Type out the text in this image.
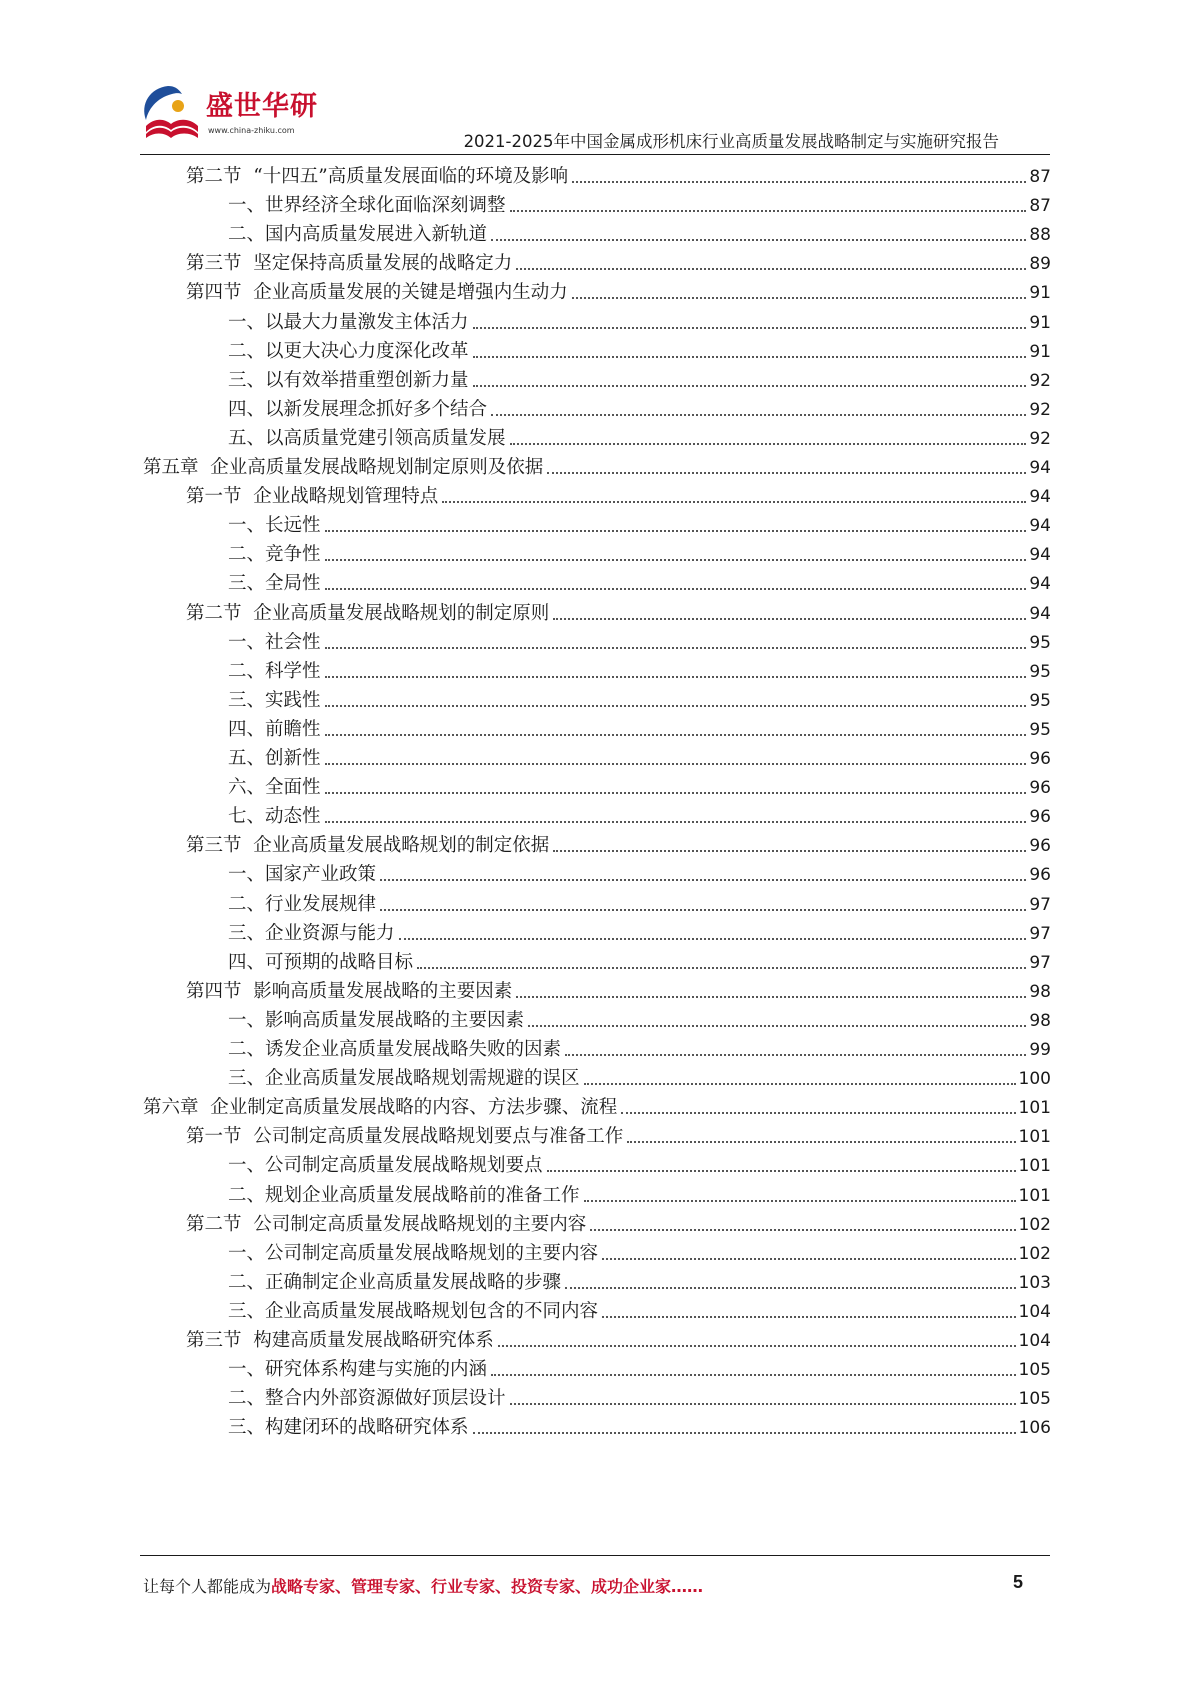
盛世华研
www.china-zhiku.com
2021-2025年中国金属成形机床行业高质量发展战略制定与实施研究报告
第二节  “十四五”高质量发展面临的环境及影响	87
一、世界经济全球化面临深刻调整	87
二、国内高质量发展进入新轨道	88
第三节  坚定保持高质量发展的战略定力	89
第四节  企业高质量发展的关键是增强内生动力	91
一、以最大力量激发主体活力	91
二、以更大决心力度深化改革	91
三、以有效举措重塑创新力量	92
四、以新发展理念抓好多个结合	92
五、以高质量党建引领高质量发展	92
第五章  企业高质量发展战略规划制定原则及依据	94
第一节  企业战略规划管理特点	94
一、长远性	94
二、竞争性	94
三、全局性	94
第二节  企业高质量发展战略规划的制定原则	94
一、社会性	95
二、科学性	95
三、实践性	95
四、前瞻性	95
五、创新性	96
六、全面性	96
七、动态性	96
第三节  企业高质量发展战略规划的制定依据	96
一、国家产业政策	96
二、行业发展规律	97
三、企业资源与能力	97
四、可预期的战略目标	97
第四节  影响高质量发展战略的主要因素	98
一、影响高质量发展战略的主要因素	98
二、诱发企业高质量发展战略失败的因素	99
三、企业高质量发展战略规划需规避的误区	100
第六章  企业制定高质量发展战略的内容、方法步骤、流程	101
第一节  公司制定高质量发展战略规划要点与准备工作	101
一、公司制定高质量发展战略规划要点	101
二、规划企业高质量发展战略前的准备工作	101
第二节  公司制定高质量发展战略规划的主要内容	102
一、公司制定高质量发展战略规划的主要内容	102
二、正确制定企业高质量发展战略的步骤	103
三、企业高质量发展战略规划包含的不同内容	104
第三节  构建高质量发展战略研究体系	104
一、研究体系构建与实施的内涵	105
二、整合内外部资源做好顶层设计	105
三、构建闭环的战略研究体系	106
让每个人都能成为战略专家、管理专家、行业专家、投资专家、成功企业家……	5
